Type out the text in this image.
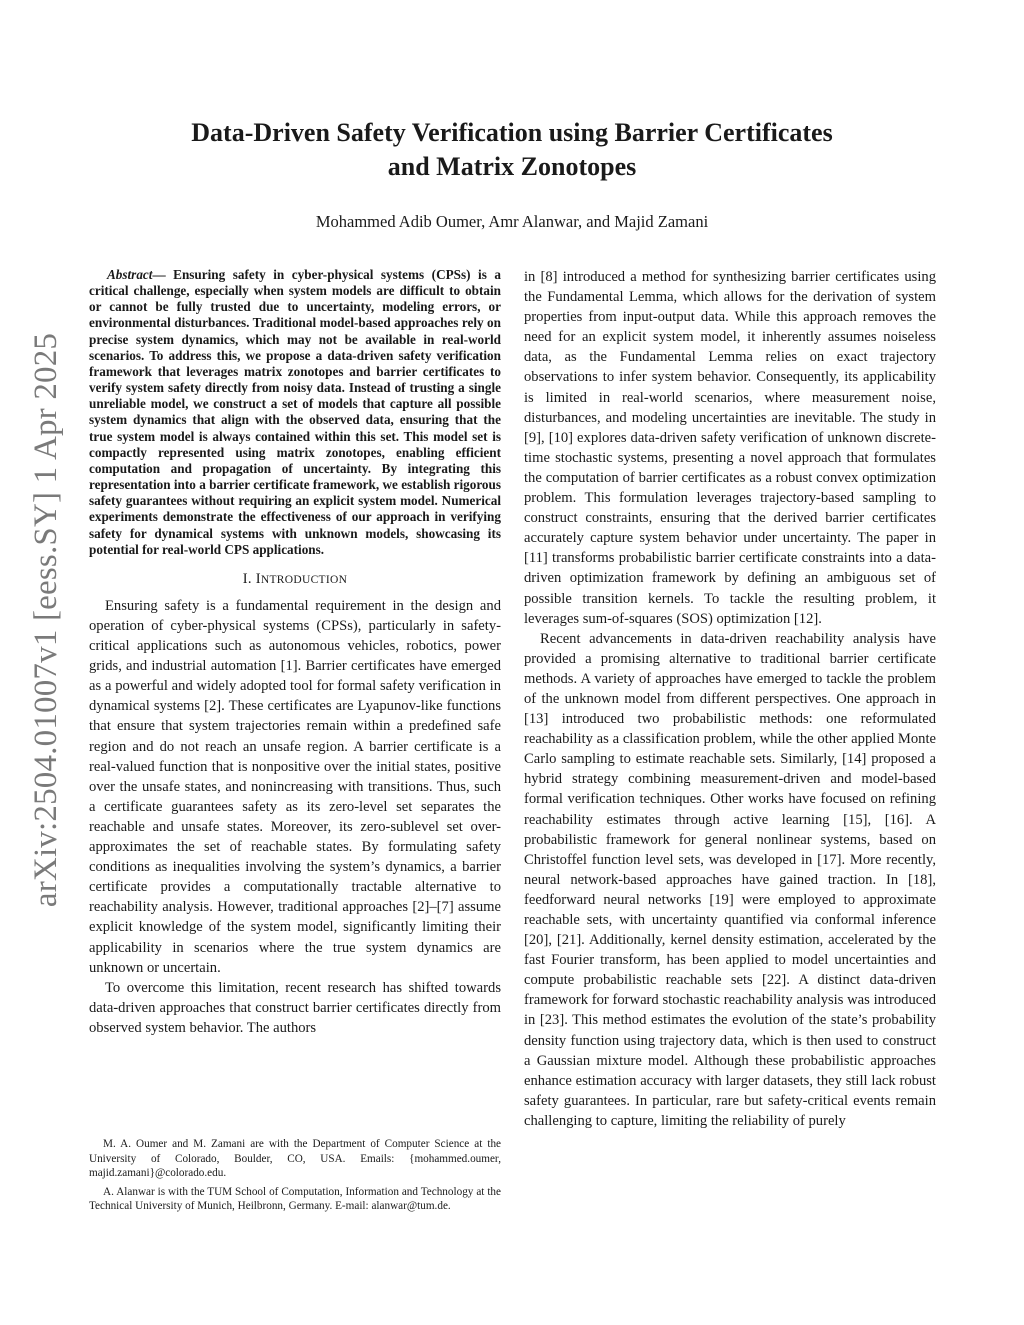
arXiv:2504.01007v1 [eess.SY] 1 Apr 2025
Data-Driven Safety Verification using Barrier Certificates
and Matrix Zonotopes
Mohammed Adib Oumer, Amr Alanwar, and Majid Zamani

Abstract— Ensuring safety in cyber-physical systems (CPSs) is a critical challenge, especially when system models are difficult to obtain or cannot be fully trusted due to uncertainty, modeling errors, or environmental disturbances. Traditional model-based approaches rely on precise system dynamics, which may not be available in real-world scenarios. To address this, we propose a data-driven safety verification framework that leverages matrix zonotopes and barrier certificates to verify system safety directly from noisy data. Instead of trusting a single unreliable model, we construct a set of models that capture all possible system dynamics that align with the observed data, ensuring that the true system model is always contained within this set. This model set is compactly represented using matrix zonotopes, enabling efficient computation and propagation of uncertainty. By integrating this representation into a barrier certificate framework, we establish rigorous safety guarantees without requiring an explicit system model. Numerical experiments demonstrate the effectiveness of our approach in verifying safety for dynamical systems with unknown models, showcasing its potential for real-world CPS applications.

I. INTRODUCTION

Ensuring safety is a fundamental requirement in the design and operation of cyber-physical systems (CPSs), particularly in safety-critical applications such as autonomous vehicles, robotics, power grids, and industrial automation [1]. Barrier certificates have emerged as a powerful and widely adopted tool for formal safety verification in dynamical systems [2]. These certificates are Lyapunov-like functions that ensure that system trajectories remain within a predefined safe region and do not reach an unsafe region. A barrier certificate is a real-valued function that is nonpositive over the initial states, positive over the unsafe states, and nonincreasing with transitions. Thus, such a certificate guarantees safety as its zero-level set separates the reachable and unsafe states. Moreover, its zero-sublevel set over-approximates the set of reachable states. By formulating safety conditions as inequalities involving the system’s dynamics, a barrier certificate provides a computationally tractable alternative to reachability analysis. However, traditional approaches [2]–[7] assume explicit knowledge of the system model, significantly limiting their applicability in scenarios where the true system dynamics are unknown or uncertain.

To overcome this limitation, recent research has shifted towards data-driven approaches that construct barrier certificates directly from observed system behavior. The authors

M. A. Oumer and M. Zamani are with the Department of Computer Science at the University of Colorado, Boulder, CO, USA. Emails: {mohammed.oumer, majid.zamani}@colorado.edu.

A. Alanwar is with the TUM School of Computation, Information and Technology at the Technical University of Munich, Heilbronn, Germany. E-mail: alanwar@tum.de.

in [8] introduced a method for synthesizing barrier certificates using the Fundamental Lemma, which allows for the derivation of system properties from input-output data. While this approach removes the need for an explicit system model, it inherently assumes noiseless data, as the Fundamental Lemma relies on exact trajectory observations to infer system behavior. Consequently, its applicability is limited in real-world scenarios, where measurement noise, disturbances, and modeling uncertainties are inevitable. The study in [9], [10] explores data-driven safety verification of unknown discrete-time stochastic systems, presenting a novel approach that formulates the computation of barrier certificates as a robust convex optimization problem. This formulation leverages trajectory-based sampling to construct constraints, ensuring that the derived barrier certificates accurately capture system behavior under uncertainty. The paper in [11] transforms probabilistic barrier certificate constraints into a data-driven optimization framework by defining an ambiguous set of possible transition kernels. To tackle the resulting problem, it leverages sum-of-squares (SOS) optimization [12].

Recent advancements in data-driven reachability analysis have provided a promising alternative to traditional barrier certificate methods. A variety of approaches have emerged to tackle the problem of the unknown model from different perspectives. One approach in [13] introduced two probabilistic methods: one reformulated reachability as a classification problem, while the other applied Monte Carlo sampling to estimate reachable sets. Similarly, [14] proposed a hybrid strategy combining measurement-driven and model-based formal verification techniques. Other works have focused on refining reachability estimates through active learning [15], [16]. A probabilistic framework for general nonlinear systems, based on Christoffel function level sets, was developed in [17]. More recently, neural network-based approaches have gained traction. In [18], feedforward neural networks [19] were employed to approximate reachable sets, with uncertainty quantified via conformal inference [20], [21]. Additionally, kernel density estimation, accelerated by the fast Fourier transform, has been applied to model uncertainties and compute probabilistic reachable sets [22]. A distinct data-driven framework for forward stochastic reachability analysis was introduced in [23]. This method estimates the evolution of the state’s probability density function using trajectory data, which is then used to construct a Gaussian mixture model. Although these probabilistic approaches enhance estimation accuracy with larger datasets, they still lack robust safety guarantees. In particular, rare but safety-critical events remain challenging to capture, limiting the reliability of purely
